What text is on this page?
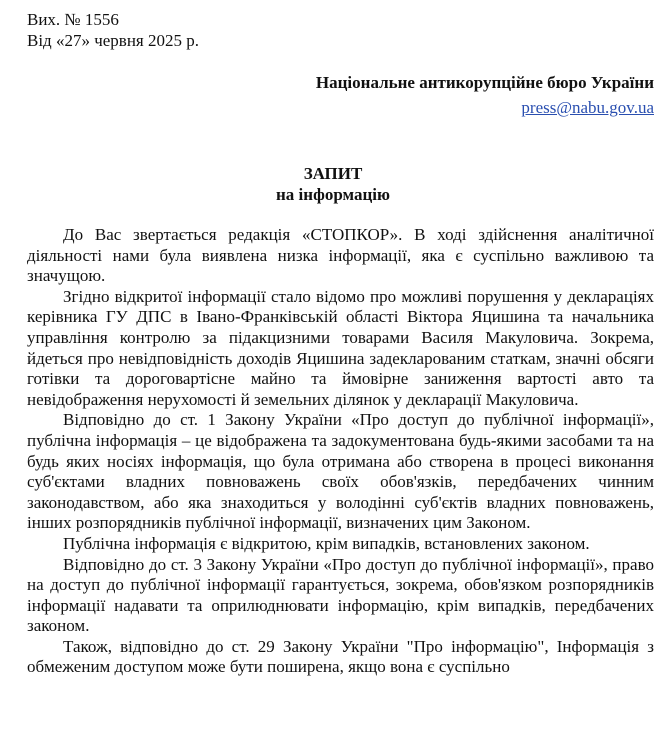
Вих. № 1556
Від «27» червня 2025 р.
Національне антикорупційне бюро України
press@nabu.gov.ua
ЗАПИТ
на інформацію

До Вас звертається редакція «СТОПКОР». В ході здійснення аналітичної діяльності нами була виявлена низка інформації, яка є суспільно важливою та значущою.

Згідно відкритої інформації стало відомо про можливі порушення у деклараціях керівника ГУ ДПС в Івано-Франківській області Віктора Яцишина та начальника управління контролю за підакцизними товарами Василя Макуловича. Зокрема, йдеться про невідповідність доходів Яцишина задекларованим статкам, значні обсяги готівки та дороговартісне майно та ймовірне заниження вартості авто та невідображення нерухомості й земельних ділянок у декларації Макуловича.

Відповідно до ст. 1 Закону України «Про доступ до публічної інформації», публічна інформація – це відображена та задокументована будь-якими засобами та на будь яких носіях інформація, що була отримана або створена в процесі виконання суб'єктами владних повноважень своїх обов'язків, передбачених чинним законодавством, або яка знаходиться у володінні суб'єктів владних повноважень, інших розпорядників публічної інформації, визначених цим Законом.

Публічна інформація є відкритою, крім випадків, встановлених законом.

Відповідно до ст. 3 Закону України «Про доступ до публічної інформації», право на доступ до публічної інформації гарантується, зокрема, обов'язком розпорядників інформації надавати та оприлюднювати інформацію, крім випадків, передбачених законом.

Також, відповідно до ст. 29 Закону України "Про інформацію", Інформація з обмеженим доступом може бути поширена, якщо вона є суспільно
